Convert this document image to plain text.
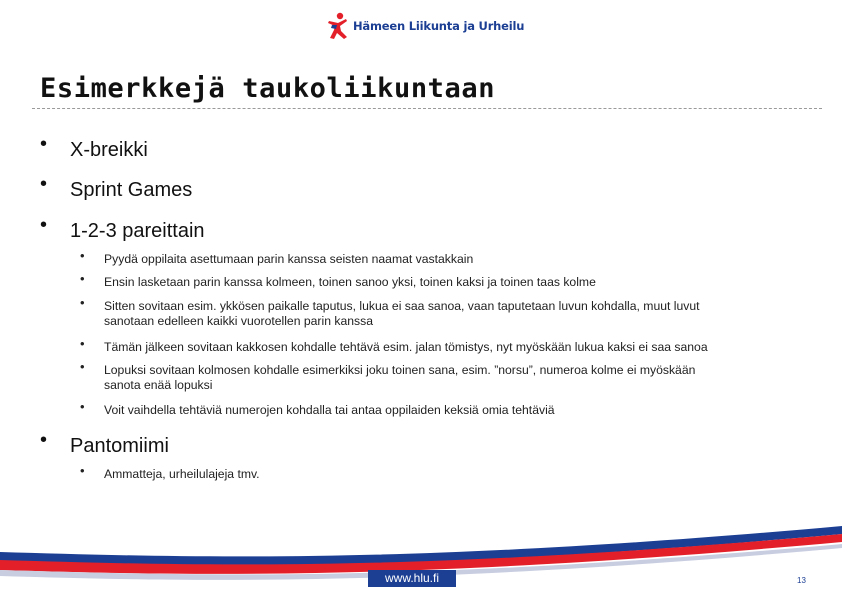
Hämeen Liikunta ja Urheilu
Esimerkkejä taukoliikuntaan
• X-breikki
• Sprint Games
• 1-2-3 pareittain
• Pyydä oppilaita asettumaan parin kanssa seisten naamat vastakkain
• Ensin lasketaan parin kanssa kolmeen, toinen sanoo yksi, toinen kaksi ja toinen taas kolme
• Sitten sovitaan esim. ykkösen paikalle taputus, lukua ei saa sanoa, vaan taputetaan luvun kohdalla, muut luvut
sanotaan edelleen kaikki vuorotellen parin kanssa
• Tämän jälkeen sovitaan kakkosen kohdalle tehtävä esim. jalan tömistys, nyt myöskään lukua kaksi ei saa sanoa
• Lopuksi sovitaan kolmosen kohdalle esimerkiksi joku toinen sana, esim. ”norsu”, numeroa kolme ei myöskään
sanota enää lopuksi
• Voit vaihdella tehtäviä numerojen kohdalla tai antaa oppilaiden keksiä omia tehtäviä
• Pantomiimi
• Ammatteja, urheilulajeja tmv.
www.hlu.fi	13
